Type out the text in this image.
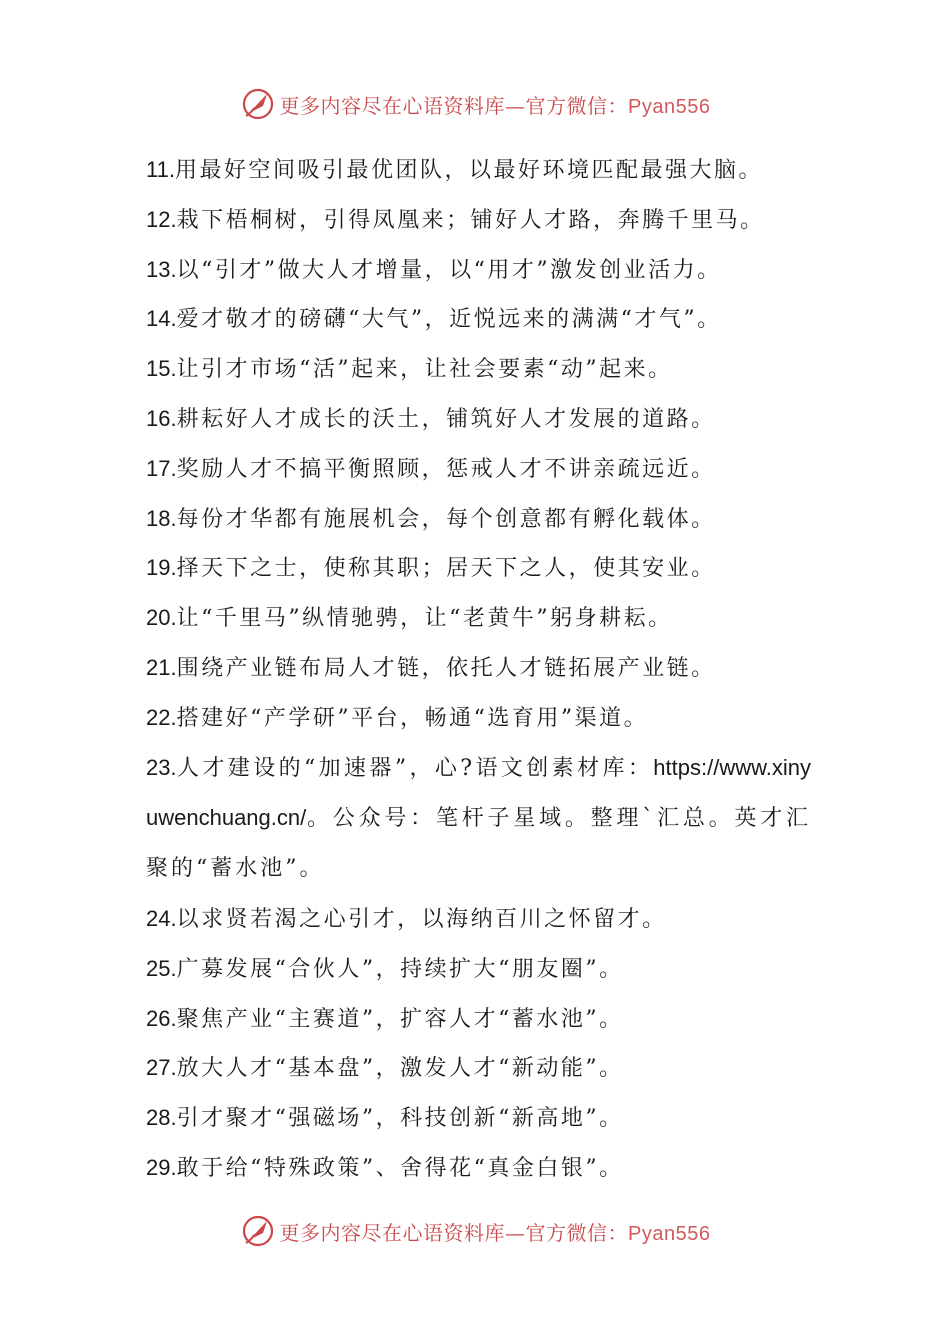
更多内容尽在心语资料库—官方微信：Pyan556
11.用最好空间吸引最优团队，以最好环境匹配最强大脑。
12.栽下梧桐树，引得凤凰来；铺好人才路，奔腾千里马。
13.以“引才”做大人才增量，以“用才”激发创业活力。
14.爱才敬才的磅礴“大气”，近悦远来的满满“才气”。
15.让引才市场“活”起来，让社会要素“动”起来。
16.耕耘好人才成长的沃土，铺筑好人才发展的道路。
17.奖励人才不搞平衡照顾，惩戒人才不讲亲疏远近。
18.每份才华都有施展机会，每个创意都有孵化载体。
19.择天下之士，使称其职；居天下之人，使其安业。
20.让“千里马”纵情驰骋，让“老黄牛”躬身耕耘。
21.围绕产业链布局人才链，依托人才链拓展产业链。
22.搭建好“产学研”平台，畅通“选育用”渠道。
23.人才建设的“加速器”，心?语文创素材库：https://www.xinyuwenchuang.cn/。公众号：笔杆子星域。整理`汇总。英才汇聚的“蓄水池”。
24.以求贤若渴之心引才，以海纳百川之怀留才。
25.广募发展“合伙人”，持续扩大“朋友圈”。
26.聚焦产业“主赛道”，扩容人才“蓄水池”。
27.放大人才“基本盘”，激发人才“新动能”。
28.引才聚才“强磁场”，科技创新“新高地”。
29.敢于给“特殊政策”、舍得花“真金白银”。
更多内容尽在心语资料库—官方微信：Pyan556
